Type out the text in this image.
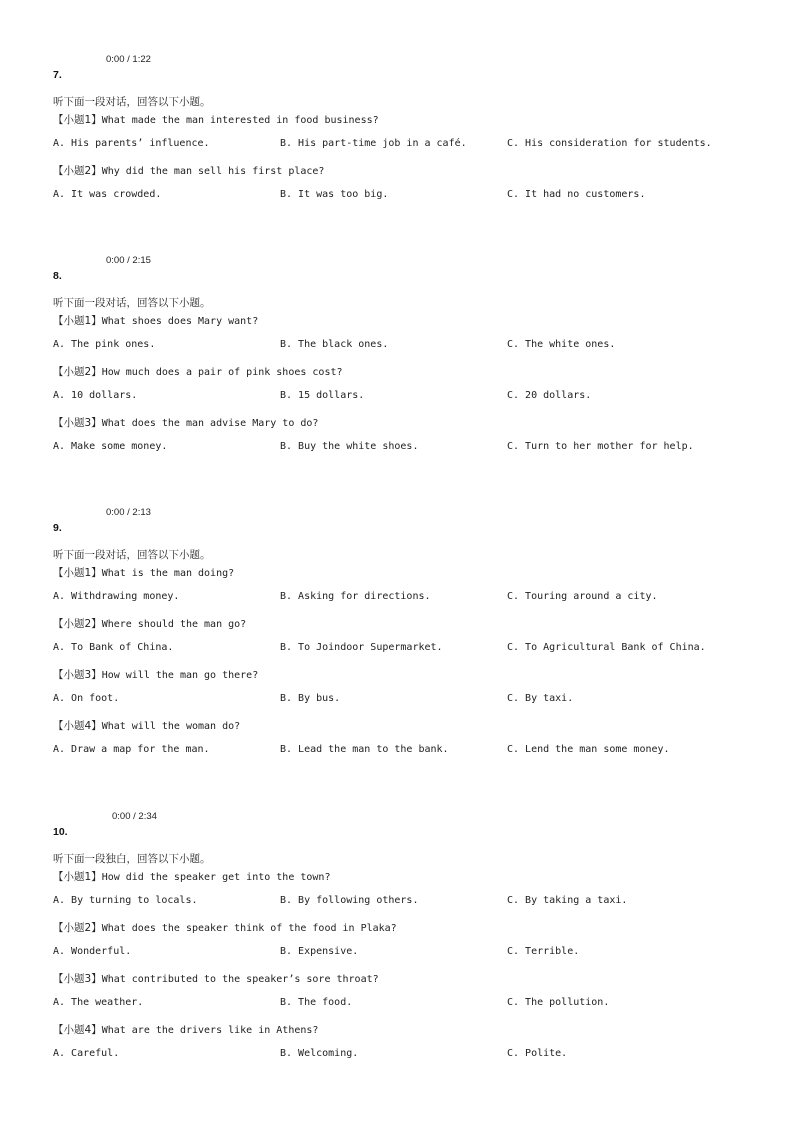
0:00 / 1:22
7.
听下面一段对话，回答以下小题。
【小题1】What made the man interested in food business?
A. His parents’ influence.	B. His part-time job in a café.	C. His consideration for students.
【小题2】Why did the man sell his first place?
A. It was crowded.	B. It was too big.	C. It had no customers.
0:00 / 2:15
8.
听下面一段对话，回答以下小题。
【小题1】What shoes does Mary want?
A. The pink ones.	B. The black ones.	C. The white ones.
【小题2】How much does a pair of pink shoes cost?
A. 10 dollars.	B. 15 dollars.	C. 20 dollars.
【小题3】What does the man advise Mary to do?
A. Make some money.	B. Buy the white shoes.	C. Turn to her mother for help.
0:00 / 2:13
9.
听下面一段对话，回答以下小题。
【小题1】What is the man doing?
A. Withdrawing money.	B. Asking for directions.	C. Touring around a city.
【小题2】Where should the man go?
A. To Bank of China.	B. To Joindoor Supermarket.	C. To Agricultural Bank of China.
【小题3】How will the man go there?
A. On foot.	B. By bus.	C. By taxi.
【小题4】What will the woman do?
A. Draw a map for the man.	B. Lead the man to the bank.	C. Lend the man some money.
0:00 / 2:34
10.
听下面一段独白，回答以下小题。
【小题1】How did the speaker get into the town?
A. By turning to locals.	B. By following others.	C. By taking a taxi.
【小题2】What does the speaker think of the food in Plaka?
A. Wonderful.	B. Expensive.	C. Terrible.
【小题3】What contributed to the speaker’s sore throat?
A. The weather.	B. The food.	C. The pollution.
【小题4】What are the drivers like in Athens?
A. Careful.	B. Welcoming.	C. Polite.
